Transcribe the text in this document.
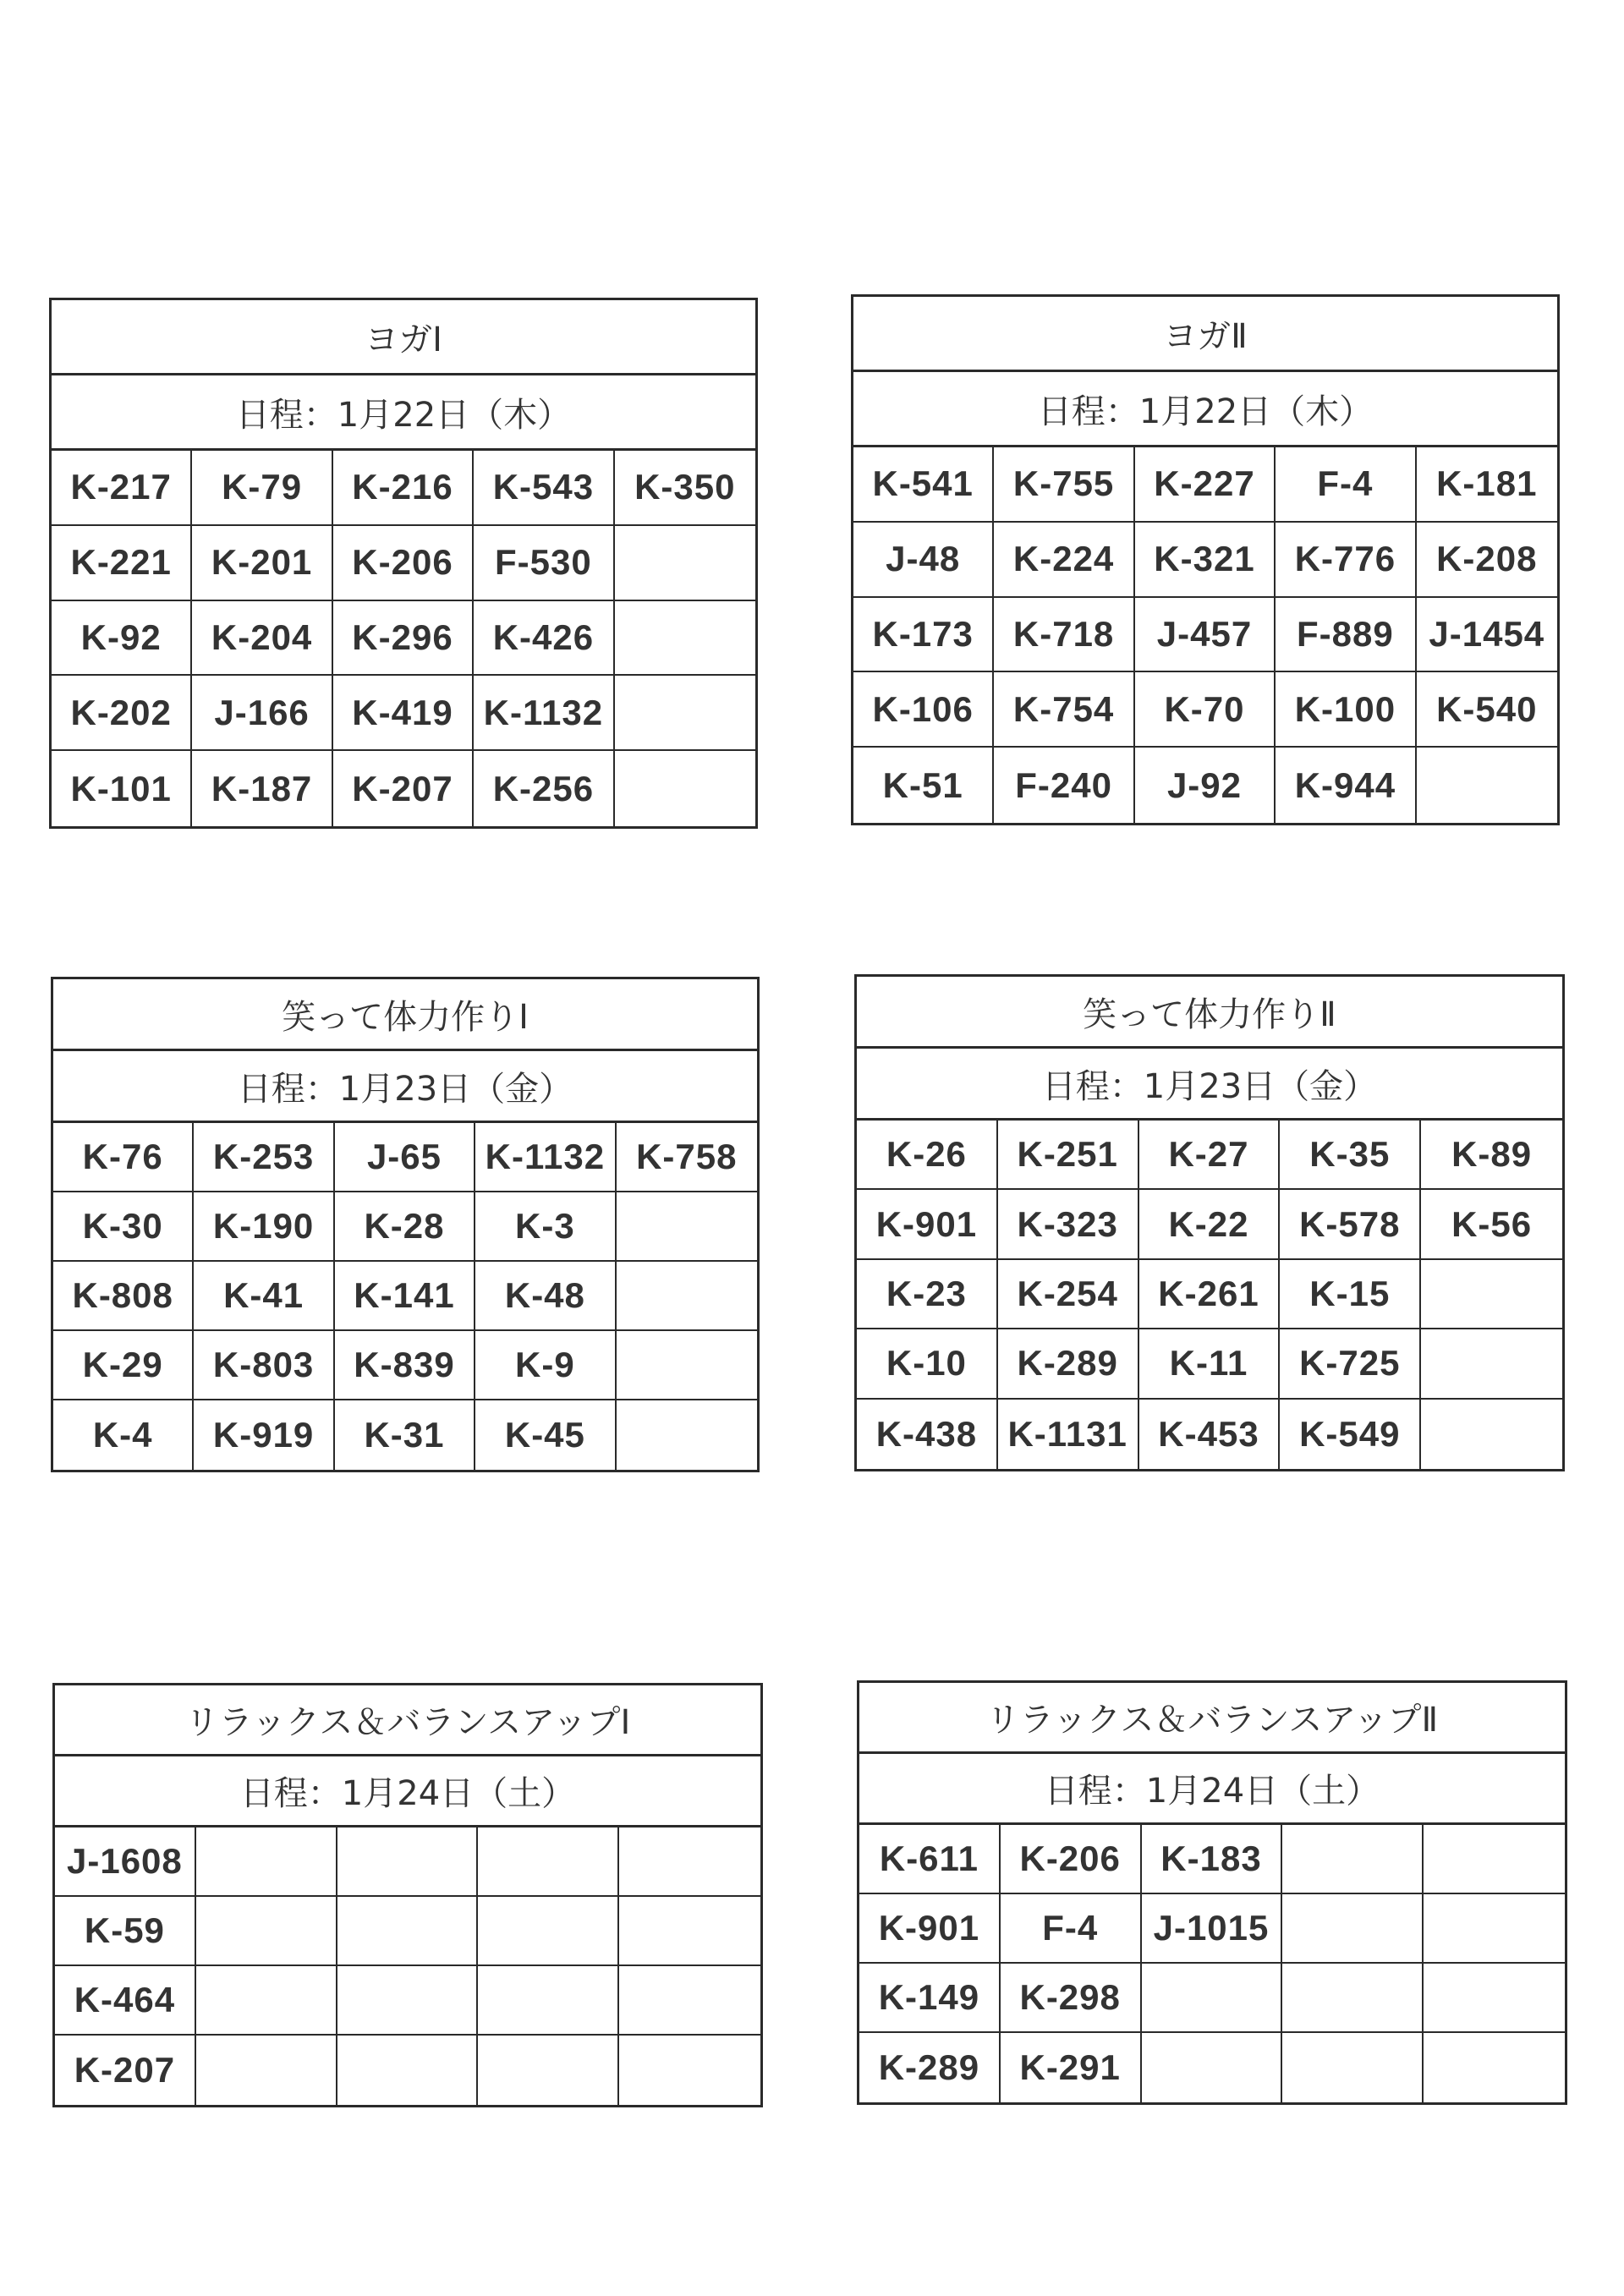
ヨガⅠ
日程：1月22日（木）
K-217	K-79	K-216	K-543	K-350
K-221	K-201	K-206	F-530
K-92	K-204	K-296	K-426
K-202	J-166	K-419 K-1132
K-101	K-187	K-207	K-256
ヨガⅡ
日程：1月22日（木）
K-541	K-755	K-227	F-4	K-181
J-48	K-224	K-321	K-776	K-208
K-173	K-718	J-457	F-889 J-1454
K-106	K-754	K-70	K-100	K-540
K-51	F-240	J-92	K-944
笑って体力作りⅠ
日程：1月23日（金）
K-76	K-253	J-65	K-1132 K-758
K-30	K-190	K-28	K-3
K-808	K-41	K-141	K-48
K-29	K-803	K-839	K-9
K-4	K-919	K-31	K-45
笑って体力作りⅡ
日程：1月23日（金）
K-26	K-251	K-27	K-35	K-89
K-901	K-323	K-22	K-578	K-56
K-23	K-254	K-261	K-15
K-10	K-289	K-11	K-725
K-438 K-1131 K-453	K-549
リラックス＆バランスアップⅠ
日程：1月24日（土）
J-1608
K-59
K-464
K-207
リラックス＆バランスアップⅡ
日程：1月24日（土）
K-611	K-206	K-183
K-901	F-4	J-1015
K-149	K-298
K-289	K-291
